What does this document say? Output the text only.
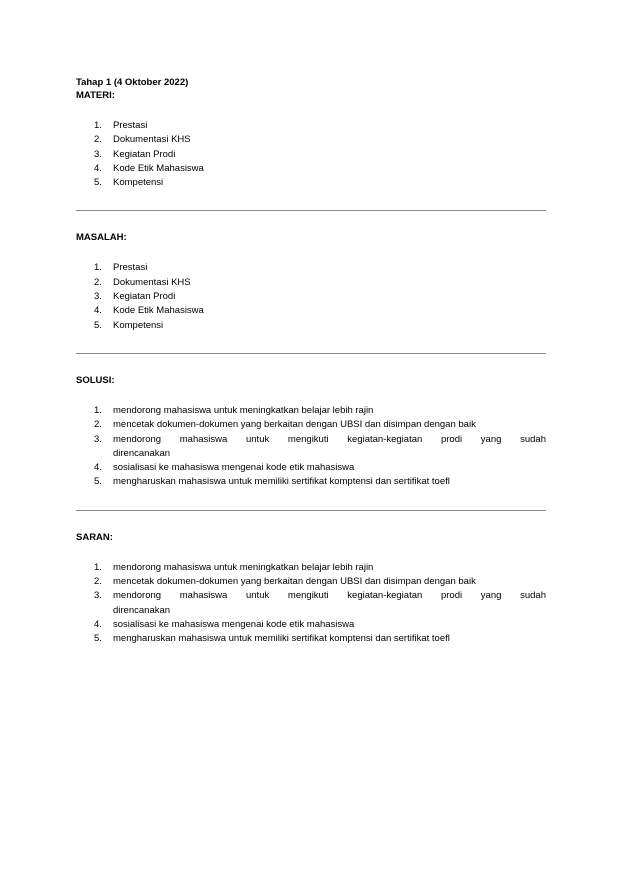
Tahap 1 (4 Oktober 2022)

MATERI:

1. Prestasi
2. Dokumentasi KHS
3. Kegiatan Prodi
4. Kode Etik Mahasiswa
5. Kompetensi

MASALAH:

1. Prestasi
2. Dokumentasi KHS
3. Kegiatan Prodi
4. Kode Etik Mahasiswa
5. Kompetensi

SOLUSI:

1. mendorong mahasiswa untuk meningkatkan belajar lebih rajin
2. mencetak dokumen-dokumen yang berkaitan dengan UBSI dan disimpan dengan baik
3. mendorong mahasiswa untuk mengikuti kegiatan-kegiatan prodi yang sudah
direncanakan
4. sosialisasi ke mahasiswa mengenai kode etik mahasiswa
5. mengharuskan mahasiswa untuk memiliki sertifikat komptensi dan sertifikat toefl

SARAN:

1. mendorong mahasiswa untuk meningkatkan belajar lebih rajin
2. mencetak dokumen-dokumen yang berkaitan dengan UBSI dan disimpan dengan baik
3. mendorong mahasiswa untuk mengikuti kegiatan-kegiatan prodi yang sudah
direncanakan
4. sosialisasi ke mahasiswa mengenai kode etik mahasiswa
5. mengharuskan mahasiswa untuk memiliki sertifikat komptensi dan sertifikat toefl
